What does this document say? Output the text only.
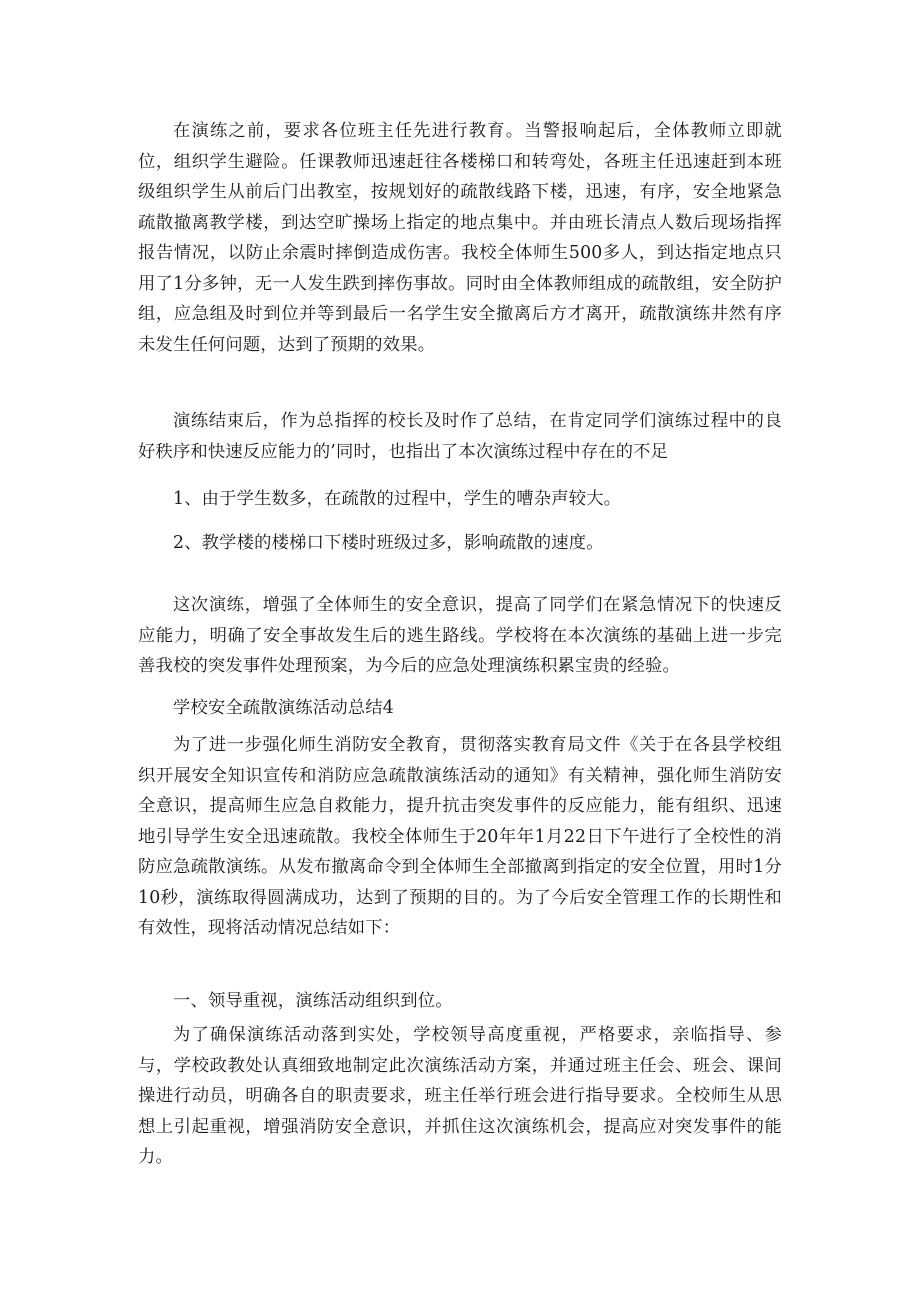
在演练之前，要求各位班主任先进行教育。当警报响起后，全体教师立即就位，组织学生避险。任课教师迅速赶往各楼梯口和转弯处，各班主任迅速赶到本班级组织学生从前后门出教室，按规划好的疏散线路下楼，迅速，有序，安全地紧急疏散撤离教学楼，到达空旷操场上指定的地点集中。并由班长清点人数后现场指挥报告情况，以防止余震时摔倒造成伤害。我校全体师生500多人，到达指定地点只用了1分多钟，无一人发生跌到摔伤事故。同时由全体教师组成的疏散组，安全防护组，应急组及时到位并等到最后一名学生安全撤离后方才离开，疏散演练井然有序未发生任何问题，达到了预期的效果。

演练结束后，作为总指挥的校长及时作了总结，在肯定同学们演练过程中的良好秩序和快速反应能力的’同时，也指出了本次演练过程中存在的不足

1、由于学生数多，在疏散的过程中，学生的嘈杂声较大。

2、教学楼的楼梯口下楼时班级过多，影响疏散的速度。

这次演练，增强了全体师生的安全意识，提高了同学们在紧急情况下的快速反应能力，明确了安全事故发生后的逃生路线。学校将在本次演练的基础上进一步完善我校的突发事件处理预案，为今后的应急处理演练积累宝贵的经验。

学校安全疏散演练活动总结4

为了进一步强化师生消防安全教育，贯彻落实教育局文件《关于在各县学校组织开展安全知识宣传和消防应急疏散演练活动的通知》有关精神，强化师生消防安全意识，提高师生应急自救能力，提升抗击突发事件的反应能力，能有组织、迅速地引导学生安全迅速疏散。我校全体师生于20年年1月22日下午进行了全校性的消防应急疏散演练。从发布撤离命令到全体师生全部撤离到指定的安全位置，用时1分10秒，演练取得圆满成功，达到了预期的目的。为了今后安全管理工作的长期性和有效性，现将活动情况总结如下：

一、领导重视，演练活动组织到位。

为了确保演练活动落到实处，学校领导高度重视，严格要求，亲临指导、参与，学校政教处认真细致地制定此次演练活动方案，并通过班主任会、班会、课间操进行动员，明确各自的职责要求，班主任举行班会进行指导要求。全校师生从思想上引起重视，增强消防安全意识，并抓住这次演练机会，提高应对突发事件的能力。
